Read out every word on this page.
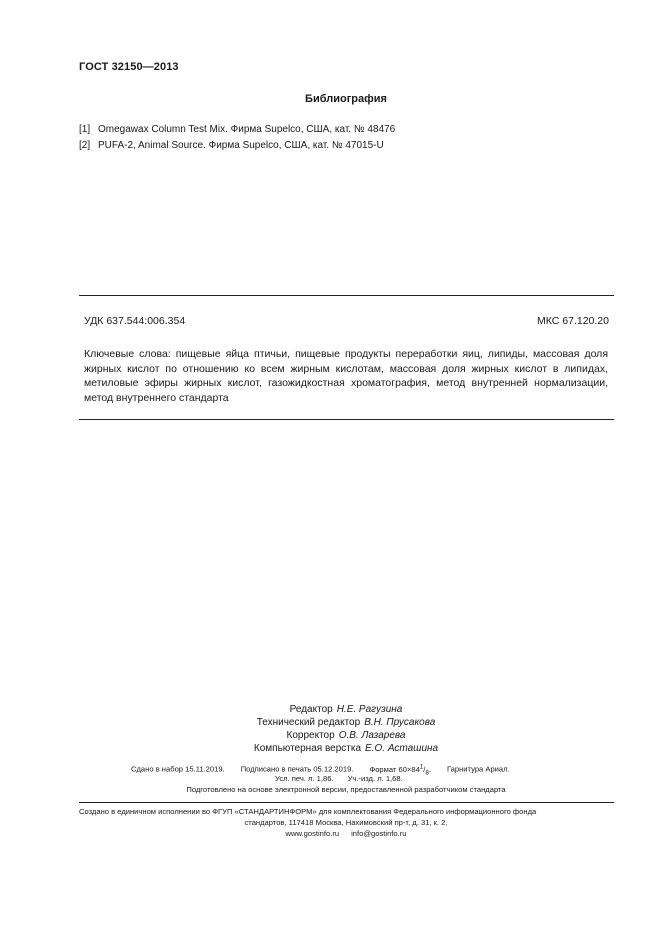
ГОСТ 32150—2013
Библиография
[1] Omegawax Column Test Mix. Фирма Supelco, США, кат. № 48476
[2] PUFA-2, Animal Source. Фирма Supelco, США, кат. № 47015-U
УДК 637.544:006.354	МКС 67.120.20
Ключевые слова: пищевые яйца птичьи, пищевые продукты переработки яиц, липиды, массовая доля жирных кислот по отношению ко всем жирным кислотам, массовая доля жирных кислот в липидах, метиловые эфиры жирных кислот, газожидкостная хроматография, метод внутренней нормализации, метод внутреннего стандарта
Редактор Н.Е. Рагузина
Технический редактор В.Н. Прусакова
Корректор О.В. Лазарева
Компьютерная верстка Е.О. Асташина
Сдано в набор 15.11.2019. Подписано в печать 05.12.2019. Формат $60\times 84^1/_8$. Гарнитура Ариал.
Усл. печ. л. 1,86. Уч.-изд. л. 1,68.
Подготовлено на основе электронной версии, предоставленной разработчиком стандарта
Создано в единичном исполнении во ФГУП «СТАНДАРТИНФОРМ» для комплектования Федерального информационного фонда
стандартов, 117418 Москва, Нахимовский пр-т, д. 31, к. 2.
www.gostinfo.ru info@gostinfo.ru
